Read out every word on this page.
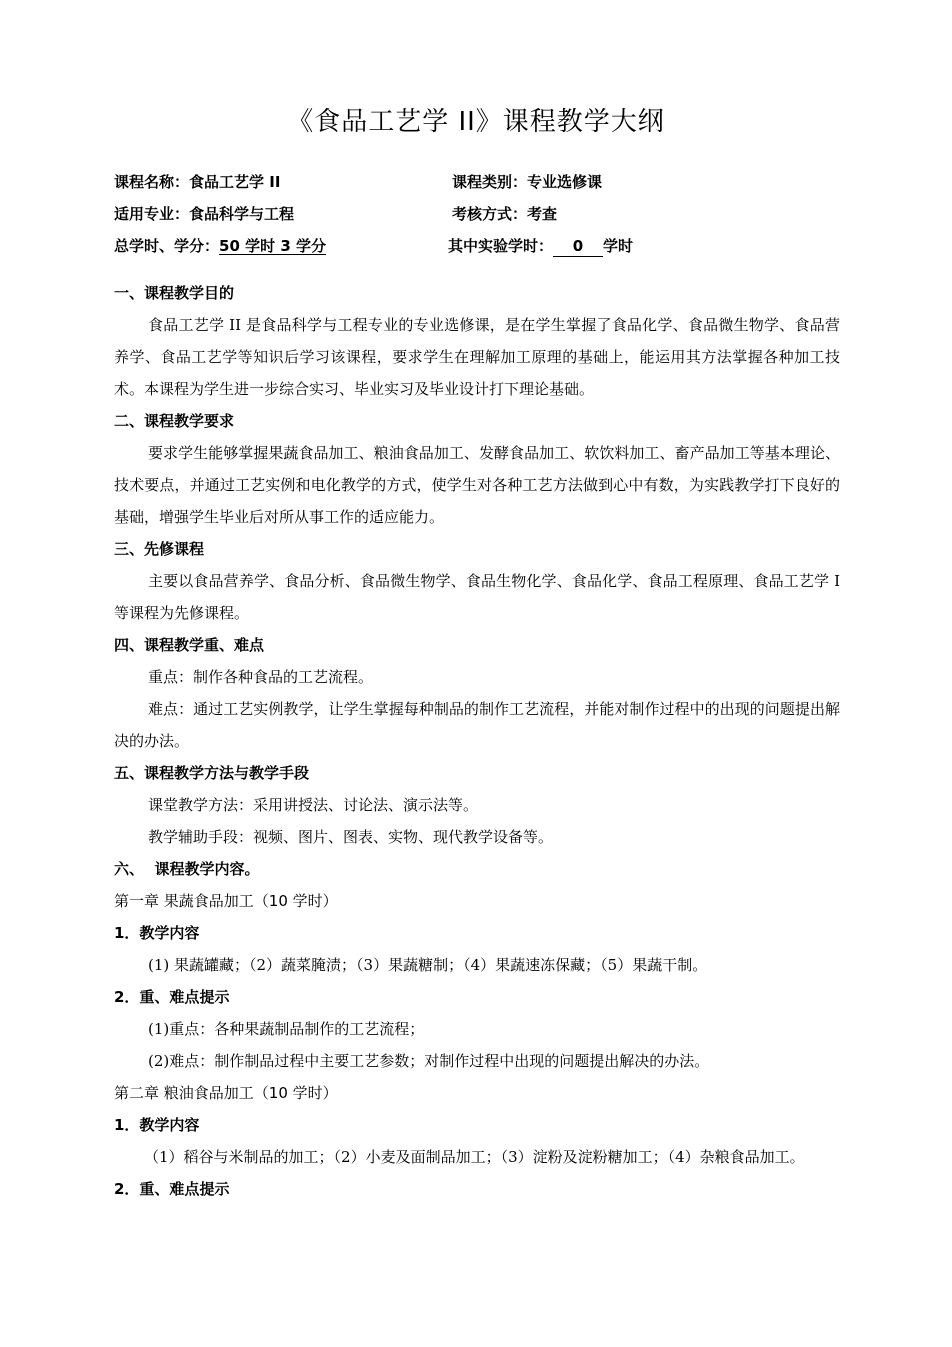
《食品工艺学 II》课程教学大纲
课程名称：食品工艺学 II	课程类别：专业选修课
适用专业：食品科学与工程	考核方式：考查
总学时、学分：50 学时 3 学分	其中实验学时： 0 学时
一、课程教学目的
食品工艺学 II 是食品科学与工程专业的专业选修课，是在学生掌握了食品化学、食品微生物学、食品营养学、食品工艺学等知识后学习该课程，要求学生在理解加工原理的基础上，能运用其方法掌握各种加工技术。本课程为学生进一步综合实习、毕业实习及毕业设计打下理论基础。
二、课程教学要求
要求学生能够掌握果蔬食品加工、粮油食品加工、发酵食品加工、软饮料加工、畜产品加工等基本理论、技术要点，并通过工艺实例和电化教学的方式，使学生对各种工艺方法做到心中有数，为实践教学打下良好的基础，增强学生毕业后对所从事工作的适应能力。
三、先修课程
主要以食品营养学、食品分析、食品微生物学、食品生物化学、食品化学、食品工程原理、食品工艺学 I 等课程为先修课程。
四、课程教学重、难点
重点：制作各种食品的工艺流程。
难点：通过工艺实例教学，让学生掌握每种制品的制作工艺流程，并能对制作过程中的出现的问题提出解决的办法。
五、课程教学方法与教学手段
课堂教学方法：采用讲授法、讨论法、演示法等。
教学辅助手段：视频、图片、图表、实物、现代教学设备等。
六、  课程教学内容。
第一章 果蔬食品加工（10 学时）
1．教学内容
(1) 果蔬罐藏；（2）蔬菜腌渍；（3）果蔬糖制；（4）果蔬速冻保藏；（5）果蔬干制。
2．重、难点提示
(1)重点：各种果蔬制品制作的工艺流程；
(2)难点：制作制品过程中主要工艺参数；对制作过程中出现的问题提出解决的办法。
第二章 粮油食品加工（10 学时）
1．教学内容
（1）稻谷与米制品的加工；（2）小麦及面制品加工；（3）淀粉及淀粉糖加工；（4）杂粮食品加工。
2．重、难点提示
